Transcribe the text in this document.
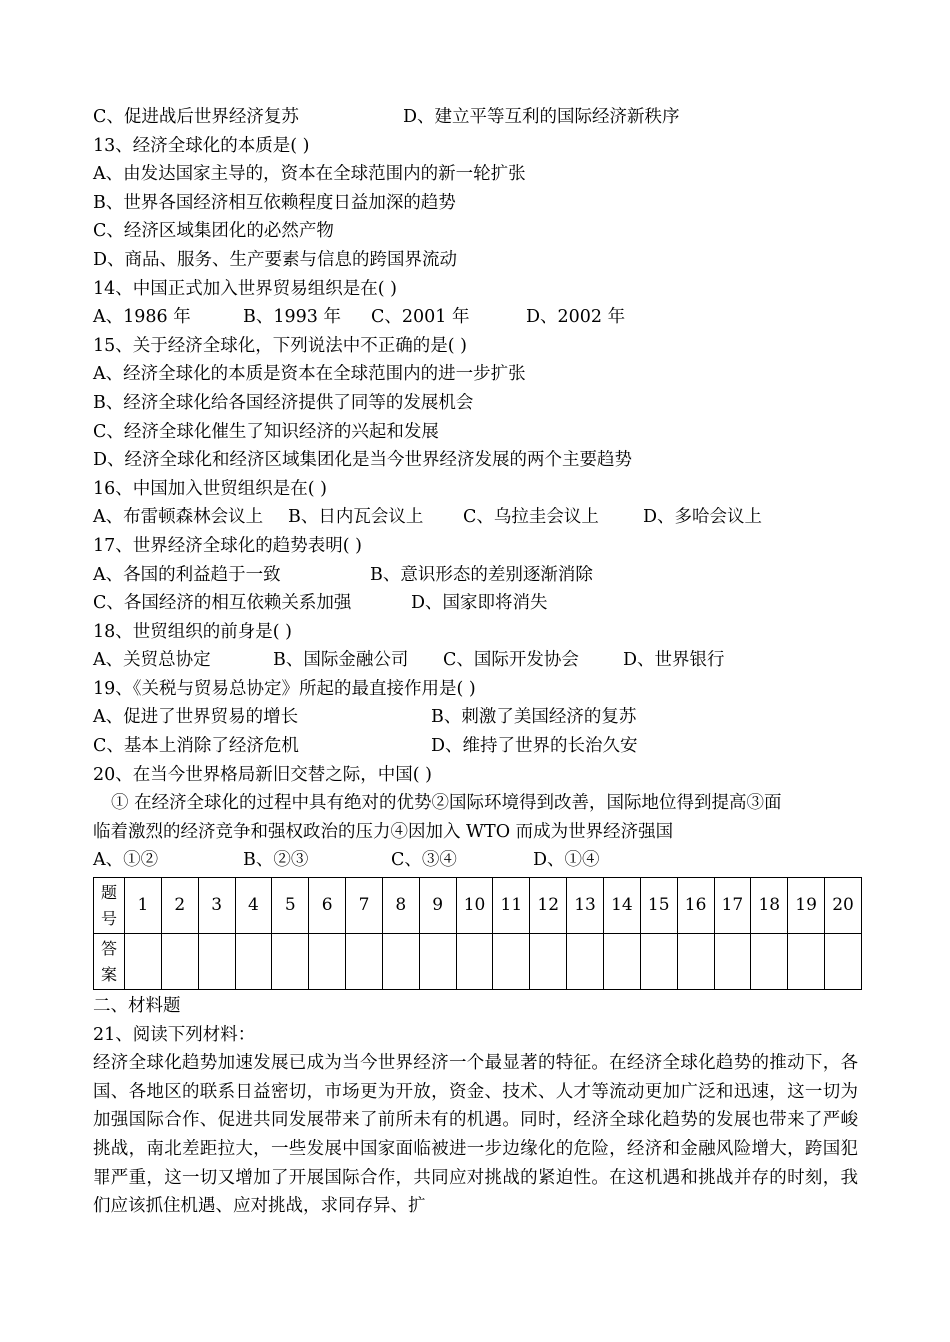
C、促进战后世界经济复苏	D、建立平等互利的国际经济新秩序
13、经济全球化的本质是( )
A、由发达国家主导的，资本在全球范围内的新一轮扩张
B、世界各国经济相互依赖程度日益加深的趋势
C、经济区域集团化的必然产物
D、商品、服务、生产要素与信息的跨国界流动
14、中国正式加入世界贸易组织是在( )
A、1986 年	B、1993 年	C、2001 年	D、2002 年
15、关于经济全球化，下列说法中不正确的是( )
A、经济全球化的本质是资本在全球范围内的进一步扩张
B、经济全球化给各国经济提供了同等的发展机会
C、经济全球化催生了知识经济的兴起和发展
D、经济全球化和经济区域集团化是当今世界经济发展的两个主要趋势
16、中国加入世贸组织是在( )
A、布雷顿森林会议上	B、日内瓦会议上	C、乌拉圭会议上	D、多哈会议上
17、世界经济全球化的趋势表明( )
A、各国的利益趋于一致	B、意识形态的差别逐渐消除
C、各国经济的相互依赖关系加强	D、国家即将消失
18、世贸组织的前身是( )
A、关贸总协定	B、国际金融公司	C、国际开发协会	D、世界银行
19、《关税与贸易总协定》所起的最直接作用是( )
A、促进了世界贸易的增长	B、刺激了美国经济的复苏
C、基本上消除了经济危机	D、维持了世界的长治久安
20、在当今世界格局新旧交替之际，中国( )
① 在经济全球化的过程中具有绝对的优势②国际环境得到改善，国际地位得到提高③面
临着激烈的经济竞争和强权政治的压力④因加入 WTO 而成为世界经济强国
A、①②	B、②③	C、③④	D、①④
题号	1	2	3	4	5	6	7	8	9	10	11	12	13	14	15	16	17	18	19	20
答案																				
二、材料题
21、阅读下列材料：
经济全球化趋势加速发展已成为当今世界经济一个最显著的特征。在经济全球化趋势的推动下，各国、各地区的联系日益密切，市场更为开放，资金、技术、人才等流动更加广泛和迅速，这一切为加强国际合作、促进共同发展带来了前所未有的机遇。同时，经济全球化趋势的发展也带来了严峻挑战，南北差距拉大，一些发展中国家面临被进一步边缘化的危险，经济和金融风险增大，跨国犯罪严重，这一切又增加了开展国际合作，共同应对挑战的紧迫性。在这机遇和挑战并存的时刻，我们应该抓住机遇、应对挑战，求同存异、扩
